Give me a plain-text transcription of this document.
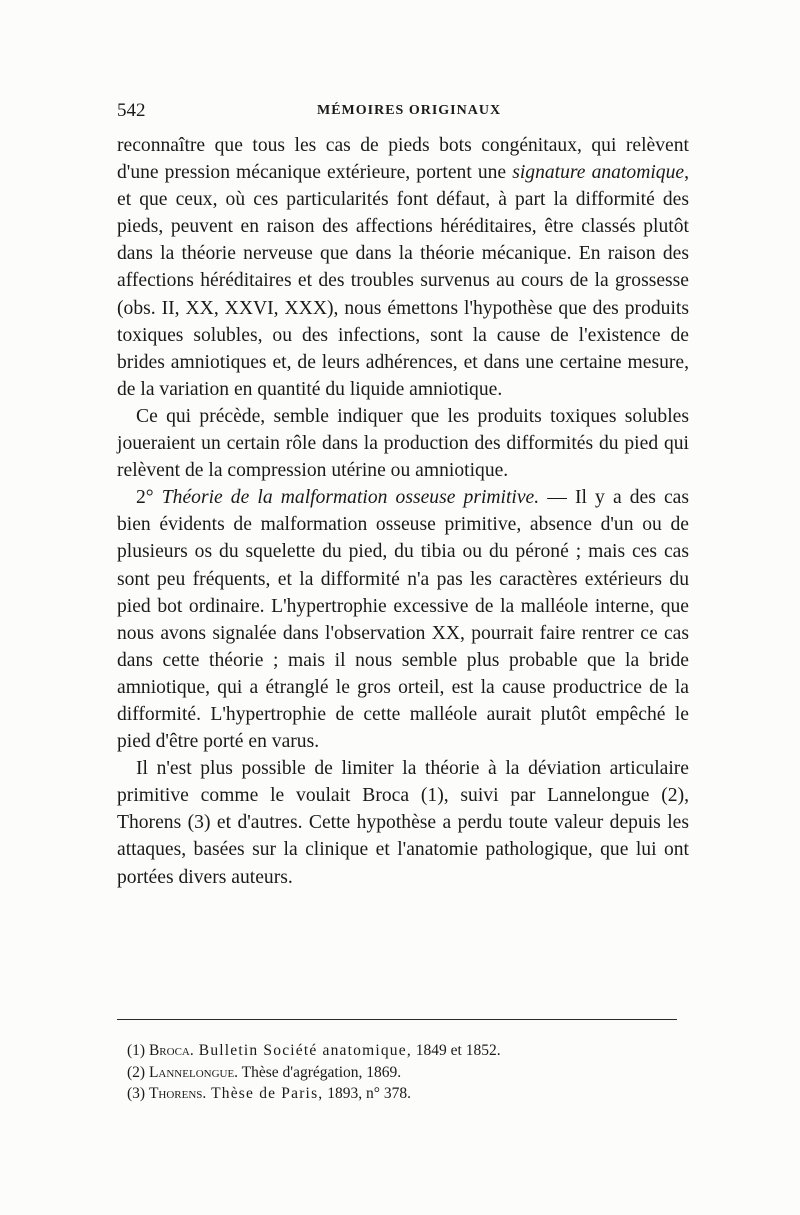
542	MÉMOIRES ORIGINAUX

reconnaître que tous les cas de pieds bots congénitaux, qui relèvent d'une pression mécanique extérieure, portent une signature anatomique, et que ceux, où ces particularités font défaut, à part la difformité des pieds, peuvent en raison des affections héréditaires, être classés plutôt dans la théorie nerveuse que dans la théorie mécanique. En raison des affections héréditaires et des troubles survenus au cours de la grossesse (obs. II, XX, XXVI, XXX), nous émettons l'hypothèse que des produits toxiques solubles, ou des infections, sont la cause de l'existence de brides amniotiques et, de leurs adhérences, et dans une certaine mesure, de la variation en quantité du liquide amniotique.

Ce qui précède, semble indiquer que les produits toxiques solubles joueraient un certain rôle dans la production des difformités du pied qui relèvent de la compression utérine ou amniotique.

2° Théorie de la malformation osseuse primitive. — Il y a des cas bien évidents de malformation osseuse primitive, absence d'un ou de plusieurs os du squelette du pied, du tibia ou du péroné ; mais ces cas sont peu fréquents, et la difformité n'a pas les caractères extérieurs du pied bot ordinaire. L'hypertrophie excessive de la malléole interne, que nous avons signalée dans l'observation XX, pourrait faire rentrer ce cas dans cette théorie ; mais il nous semble plus probable que la bride amniotique, qui a étranglé le gros orteil, est la cause productrice de la difformité. L'hypertrophie de cette malléole aurait plutôt empêché le pied d'être porté en varus.

Il n'est plus possible de limiter la théorie à la déviation articulaire primitive comme le voulait Broca (1), suivi par Lannelongue (2), Thorens (3) et d'autres. Cette hypothèse a perdu toute valeur depuis les attaques, basées sur la clinique et l'anatomie pathologique, que lui ont portées divers auteurs.

(1) Broca. Bulletin Société anatomique, 1849 et 1852.

(2) Lannelongue. Thèse d'agrégation, 1869.

(3) Thorens. Thèse de Paris, 1893, n° 378.
